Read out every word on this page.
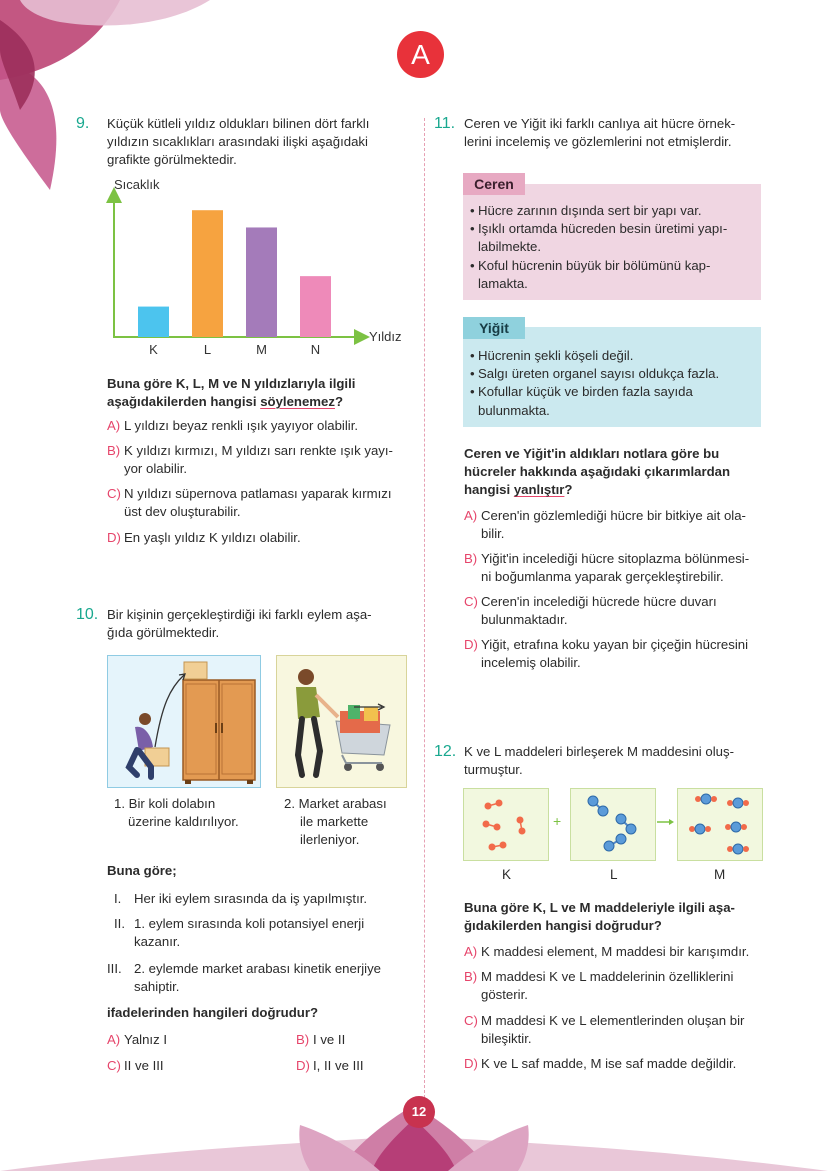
A
9. Küçük kütleli yıldız oldukları bilinen dört farklı
yıldızın sıcaklıkları arasındaki ilişki aşağıdaki
grafikte görülmektedir.
Sıcaklık
Yıldız
K	L	M	N
Buna göre K, L, M ve N yıldızlarıyla ilgili
aşağıdakilerden hangisi söylenemez?
A) L yıldızı beyaz renkli ışık yayıyor olabilir.
B) K yıldızı kırmızı, M yıldızı sarı renkte ışık yayı-
yor olabilir.
C) N yıldızı süpernova patlaması yaparak kırmızı
üst dev oluşturabilir.
D) En yaşlı yıldız K yıldızı olabilir.
10. Bir kişinin gerçekleştirdiği iki farklı eylem aşa-
ğıda görülmektedir.
1. Bir koli dolabın
üzerine kaldırılıyor.
2. Market arabası
ile markette
ilerleniyor.
Buna göre;
I. Her iki eylem sırasında da iş yapılmıştır.
II. 1. eylem sırasında koli potansiyel enerji
kazanır.
III. 2. eylemde market arabası kinetik enerjiye
sahiptir.
ifadelerinden hangileri doğrudur?
A) Yalnız I	B) I ve II
C) II ve III	D) I, II ve III
11. Ceren ve Yiğit iki farklı canlıya ait hücre örnek-
lerini incelemiş ve gözlemlerini not etmişlerdir.
Ceren
• Hücre zarının dışında sert bir yapı var.
• Işıklı ortamda hücreden besin üretimi yapı-
labilmekte.
• Koful hücrenin büyük bir bölümünü kap-
lamakta.
Yiğit
• Hücrenin şekli köşeli değil.
• Salgı üreten organel sayısı oldukça fazla.
• Kofullar küçük ve birden fazla sayıda
bulunmakta.
Ceren ve Yiğit'in aldıkları notlara göre bu
hücreler hakkında aşağıdaki çıkarımlardan
hangisi yanlıştır?
A) Ceren'in gözlemlediği hücre bir bitkiye ait ola-
bilir.
B) Yiğit'in incelediği hücre sitoplazma bölünmesi-
ni boğumlanma yaparak gerçekleştirebilir.
C) Ceren'in incelediği hücrede hücre duvarı
bulunmaktadır.
D) Yiğit, etrafına koku yayan bir çiçeğin hücresini
incelemiş olabilir.
12. K ve L maddeleri birleşerek M maddesini oluş-
turmuştur.
+
K	L	M
Buna göre K, L ve M maddeleriyle ilgili aşa-
ğıdakilerden hangisi doğrudur?
A) K maddesi element, M maddesi bir karışımdır.
B) M maddesi K ve L maddelerinin özelliklerini
gösterir.
C) M maddesi K ve L elementlerinden oluşan bir
bileşiktir.
D) K ve L saf madde, M ise saf madde değildir.
12
